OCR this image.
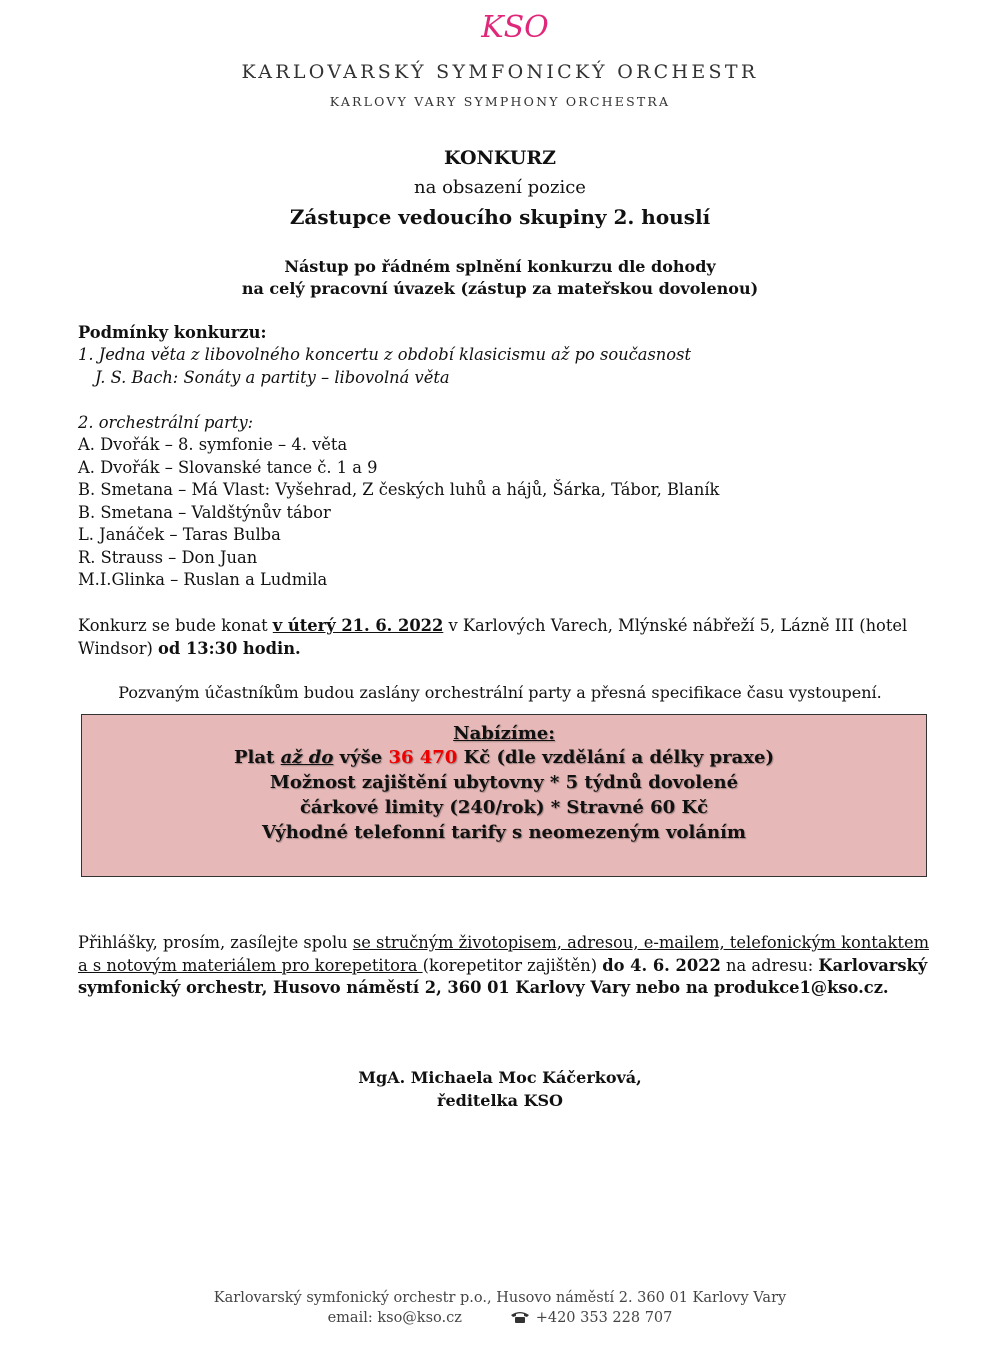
KSO
KARLOVARSKÝ SYMFONICKÝ ORCHESTR
KARLOVY VARY SYMPHONY ORCHESTRA
KONKURZ
na obsazení pozice
Zástupce vedoucího skupiny 2. houslí
Nástup po řádném splnění konkurzu dle dohody
na celý pracovní úvazek (zástup za mateřskou dovolenou)
Podmínky konkurzu:
1. Jedna věta z libovolného koncertu z období klasicismu až po současnost
J. S. Bach: Sonáty a partity – libovolná věta
2. orchestrální party:
A. Dvořák – 8. symfonie – 4. věta
A. Dvořák – Slovanské tance č. 1 a 9
B. Smetana – Má Vlast: Vyšehrad, Z českých luhů a hájů, Šárka, Tábor, Blaník
B. Smetana – Valdštýnův tábor
L. Janáček – Taras Bulba
R. Strauss – Don Juan
M.I.Glinka – Ruslan a Ludmila
Konkurz se bude konat v úterý 21. 6. 2022 v Karlových Varech, Mlýnské nábřeží 5, Lázně III (hotel Windsor) od 13:30 hodin.
Pozvaným účastníkům budou zaslány orchestrální party a přesná specifikace času vystoupení.
Nabízíme:
Plat až do výše 36 470 Kč (dle vzdělání a délky praxe)
Možnost zajištění ubytovny * 5 týdnů dovolené
čárkové limity (240/rok) * Stravné 60 Kč
Výhodné telefonní tarify s neomezeným voláním
Přihlášky, prosím, zasílejte spolu se stručným životopisem, adresou, e-mailem, telefonickým kontaktem a s notovým materiálem pro korepetitora (korepetitor zajištěn) do 4. 6. 2022 na adresu: Karlovarský symfonický orchestr, Husovo náměstí 2, 360 01 Karlovy Vary nebo na produkce1@kso.cz.
MgA. Michaela Moc Káčerková,
ředitelka KSO
Karlovarský symfonický orchestr p.o., Husovo náměstí 2. 360 01 Karlovy Vary
email: kso@kso.cz	+420 353 228 707
